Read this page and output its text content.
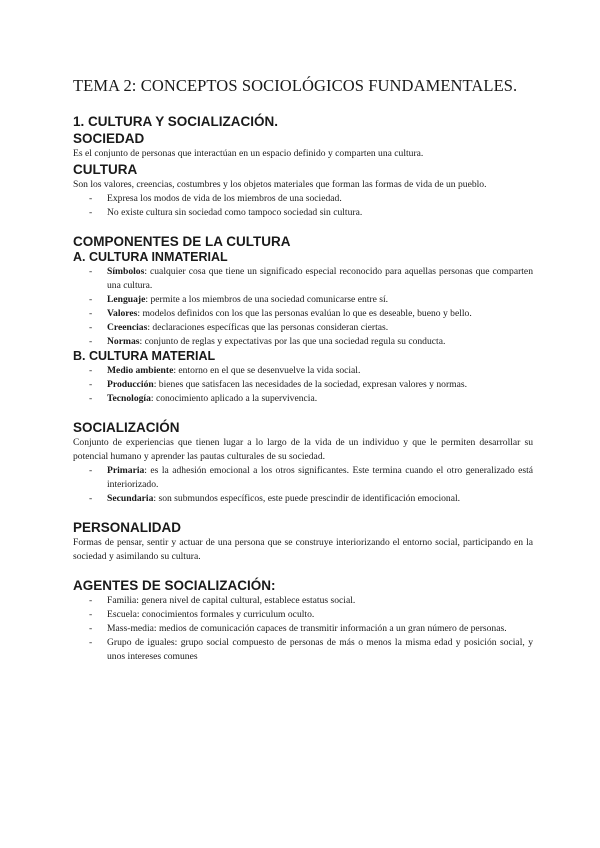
TEMA 2: CONCEPTOS SOCIOLÓGICOS FUNDAMENTALES.
1. CULTURA Y SOCIALIZACIÓN.
SOCIEDAD

Es el conjunto de personas que interactúan en un espacio definido y comparten una cultura.

CULTURA

Son los valores, creencias, costumbres y los objetos materiales que forman las formas de vida de un pueblo.

- Expresa los modos de vida de los miembros de una sociedad.
- No existe cultura sin sociedad como tampoco sociedad sin cultura.
COMPONENTES DE LA CULTURA
A. CULTURA INMATERIAL
- Símbolos: cualquier cosa que tiene un significado especial reconocido para aquellas personas que comparten una cultura.
- Lenguaje: permite a los miembros de una sociedad comunicarse entre sí.
- Valores: modelos definidos con los que las personas evalúan lo que es deseable, bueno y bello.
- Creencias: declaraciones específicas que las personas consideran ciertas.
- Normas: conjunto de reglas y expectativas por las que una sociedad regula su conducta.
B. CULTURA MATERIAL
- Medio ambiente: entorno en el que se desenvuelve la vida social.
- Producción: bienes que satisfacen las necesidades de la sociedad, expresan valores y normas.
- Tecnología: conocimiento aplicado a la supervivencia.
SOCIALIZACIÓN

Conjunto de experiencias que tienen lugar a lo largo de la vida de un individuo y que le permiten desarrollar su potencial humano y aprender las pautas culturales de su sociedad.

- Primaria: es la adhesión emocional a los otros significantes. Este termina cuando el otro generalizado está interiorizado.
- Secundaria: son submundos específicos, este puede prescindir de identificación emocional.
PERSONALIDAD

Formas de pensar, sentir y actuar de una persona que se construye interiorizando el entorno social, participando en la sociedad y asimilando su cultura.

AGENTES DE SOCIALIZACIÓN:
- Familia: genera nivel de capital cultural, establece estatus social.
- Escuela: conocimientos formales y curriculum oculto.
- Mass-media: medios de comunicación capaces de transmitir información a un gran número de personas.
- Grupo de iguales: grupo social compuesto de personas de más o menos la misma edad y posición social, y unos intereses comunes
